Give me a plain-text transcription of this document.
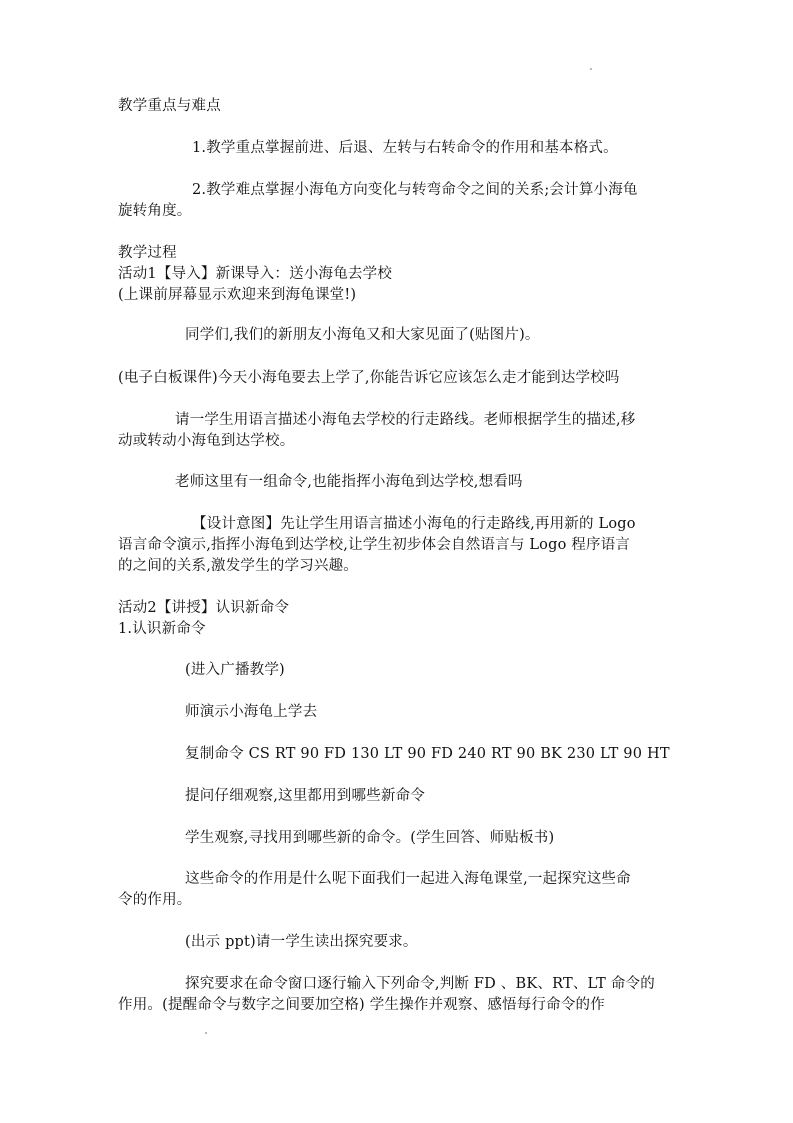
教学重点与难点
1.教学重点掌握前进、后退、左转与右转命令的作用和基本格式。
2.教学难点掌握小海龟方向变化与转弯命令之间的关系;会计算小海龟
旋转角度。
教学过程
活动1【导入】新课导入：送小海龟去学校
(上课前屏幕显示欢迎来到海龟课堂!)
同学们,我们的新朋友小海龟又和大家见面了(贴图片)。
(电子白板课件)今天小海龟要去上学了,你能告诉它应该怎么走才能到达学校吗
请一学生用语言描述小海龟去学校的行走路线。老师根据学生的描述,移
动或转动小海龟到达学校。
老师这里有一组命令,也能指挥小海龟到达学校,想看吗
【设计意图】先让学生用语言描述小海龟的行走路线,再用新的 Logo
语言命令演示,指挥小海龟到达学校,让学生初步体会自然语言与 Logo 程序语言
的之间的关系,激发学生的学习兴趣。
活动2【讲授】认识新命令
1.认识新命令
(进入广播教学)
师演示小海龟上学去
复制命令 CS RT 90 FD 130 LT 90 FD 240 RT 90 BK 230 LT 90 HT
提问仔细观察,这里都用到哪些新命令
学生观察,寻找用到哪些新的命令。(学生回答、师贴板书)
这些命令的作用是什么呢下面我们一起进入海龟课堂,一起探究这些命
令的作用。
(出示 ppt)请一学生读出探究要求。
探究要求在命令窗口逐行输入下列命令,判断 FD 、BK、RT、LT 命令的
作用。(提醒命令与数字之间要加空格) 学生操作并观察、感悟每行命令的作
